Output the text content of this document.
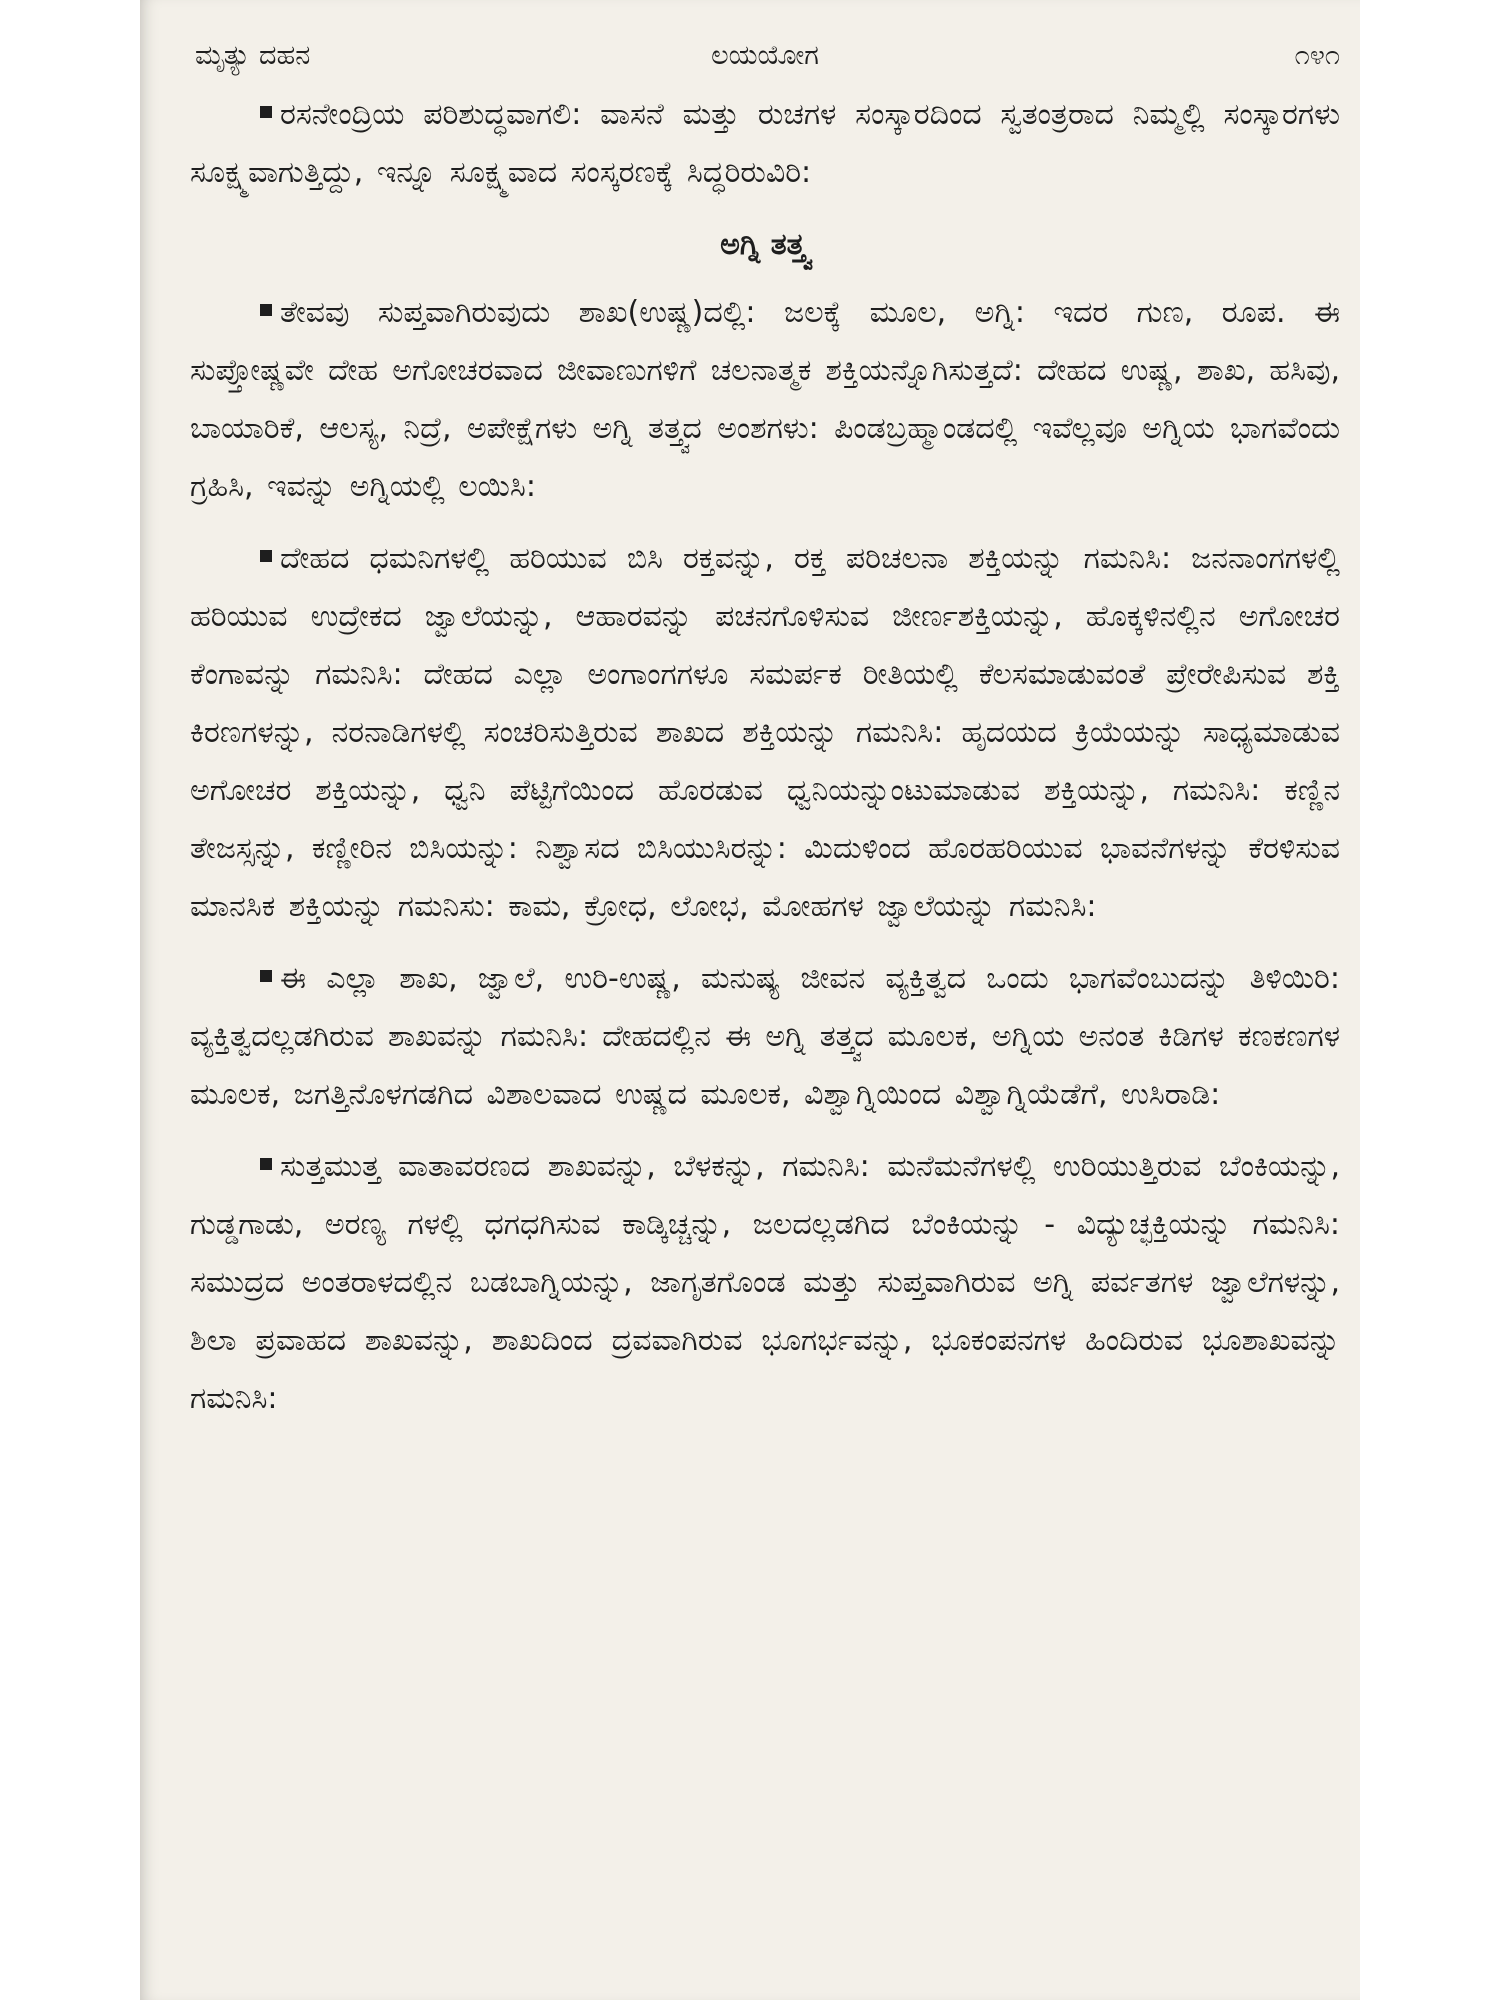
ಮೃತ್ಯು ದಹನ	ಲಯಯೋಗ	೧೪೧

ರಸನೇಂದ್ರಿಯ ಪರಿಶುದ್ಧವಾಗಲಿ: ವಾಸನೆ ಮತ್ತು ರುಚಗಳ ಸಂಸ್ಕಾರದಿಂದ ಸ್ವತಂತ್ರರಾದ ನಿಮ್ಮಲ್ಲಿ ಸಂಸ್ಕಾರಗಳು ಸೂಕ್ಷ್ಮವಾಗುತ್ತಿದ್ದು, ಇನ್ನೂ ಸೂಕ್ಷ್ಮವಾದ ಸಂಸ್ಕರಣಕ್ಕೆ ಸಿದ್ಧರಿರುವಿರಿ:

ಅಗ್ನಿ ತತ್ತ್ವ

ತೇವವು ಸುಪ್ತವಾಗಿರುವುದು ಶಾಖ(ಉಷ್ಣ)ದಲ್ಲಿ: ಜಲಕ್ಕೆ ಮೂಲ, ಅಗ್ನಿ: ಇದರ ಗುಣ, ರೂಪ. ಈ ಸುಪ್ತೋಷ್ಣವೇ ದೇಹ ಅಗೋಚರವಾದ ಜೀವಾಣುಗಳಿಗೆ ಚಲನಾತ್ಮಕ ಶಕ್ತಿಯನ್ನೊಗಿಸುತ್ತದೆ: ದೇಹದ ಉಷ್ಣ, ಶಾಖ, ಹಸಿವು, ಬಾಯಾರಿಕೆ, ಆಲಸ್ಯ, ನಿದ್ರೆ, ಅಪೇಕ್ಷೆಗಳು ಅಗ್ನಿ ತತ್ತ್ವದ ಅಂಶಗಳು: ಪಿಂಡಬ್ರಹ್ಮಾಂಡದಲ್ಲಿ ಇವೆಲ್ಲವೂ ಅಗ್ನಿಯ ಭಾಗವೆಂದು ಗ್ರಹಿಸಿ, ಇವನ್ನು ಅಗ್ನಿಯಲ್ಲಿ ಲಯಿಸಿ:

ದೇಹದ ಧಮನಿಗಳಲ್ಲಿ ಹರಿಯುವ ಬಿಸಿ ರಕ್ತವನ್ನು, ರಕ್ತ ಪರಿಚಲನಾ ಶಕ್ತಿಯನ್ನು ಗಮನಿಸಿ: ಜನನಾಂಗಗಳಲ್ಲಿ ಹರಿಯುವ ಉದ್ರೇಕದ ಜ್ವಾಲೆಯನ್ನು, ಆಹಾರವನ್ನು ಪಚನಗೊಳಿಸುವ ಜೀರ್ಣಶಕ್ತಿಯನ್ನು, ಹೊಕ್ಕಳಿನಲ್ಲಿನ ಅಗೋಚರ ಕೆಂಗಾವನ್ನು ಗಮನಿಸಿ: ದೇಹದ ಎಲ್ಲಾ ಅಂಗಾಂಗಗಳೂ ಸಮರ್ಪಕ ರೀತಿಯಲ್ಲಿ ಕೆಲಸಮಾಡುವಂತೆ ಪ್ರೇರೇಪಿಸುವ ಶಕ್ತಿ ಕಿರಣಗಳನ್ನು, ನರನಾಡಿಗಳಲ್ಲಿ ಸಂಚರಿಸುತ್ತಿರುವ ಶಾಖದ ಶಕ್ತಿಯನ್ನು ಗಮನಿಸಿ: ಹೃದಯದ ಕ್ರಿಯೆಯನ್ನು ಸಾಧ್ಯಮಾಡುವ ಅಗೋಚರ ಶಕ್ತಿಯನ್ನು, ಧ್ವನಿ ಪೆಟ್ಟಿಗೆಯಿಂದ ಹೊರಡುವ ಧ್ವನಿಯನ್ನುಂಟುಮಾಡುವ ಶಕ್ತಿಯನ್ನು, ಗಮನಿಸಿ: ಕಣ್ಣಿನ ತೇಜಸ್ಸನ್ನು, ಕಣ್ಣೀರಿನ ಬಿಸಿಯನ್ನು: ನಿಶ್ವಾಸದ ಬಿಸಿಯುಸಿರನ್ನು: ಮಿದುಳಿಂದ ಹೊರಹರಿಯುವ ಭಾವನೆಗಳನ್ನು ಕೆರಳಿಸುವ ಮಾನಸಿಕ ಶಕ್ತಿಯನ್ನು ಗಮನಿಸು: ಕಾಮ, ಕ್ರೋಧ, ಲೋಭ, ಮೋಹಗಳ ಜ್ವಾಲೆಯನ್ನು ಗಮನಿಸಿ:

ಈ ಎಲ್ಲಾ ಶಾಖ, ಜ್ವಾಲೆ, ಉರಿ-ಉಷ್ಣ, ಮನುಷ್ಯ ಜೀವನ ವ್ಯಕ್ತಿತ್ವದ ಒಂದು ಭಾಗವೆಂಬುದನ್ನು ತಿಳಿಯಿರಿ: ವ್ಯಕ್ತಿತ್ವದಲ್ಲಡಗಿರುವ ಶಾಖವನ್ನು ಗಮನಿಸಿ: ದೇಹದಲ್ಲಿನ ಈ ಅಗ್ನಿ ತತ್ತ್ವದ ಮೂಲಕ, ಅಗ್ನಿಯ ಅನಂತ ಕಿಡಿಗಳ ಕಣಕಣಗಳ ಮೂಲಕ, ಜಗತ್ತಿನೊಳಗಡಗಿದ ವಿಶಾಲವಾದ ಉಷ್ಣದ ಮೂಲಕ, ವಿಶ್ವಾಗ್ನಿಯಿಂದ ವಿಶ್ವಾಗ್ನಿಯೆಡೆಗೆ, ಉಸಿರಾಡಿ:

ಸುತ್ತಮುತ್ತ ವಾತಾವರಣದ ಶಾಖವನ್ನು, ಬೆಳಕನ್ನು, ಗಮನಿಸಿ: ಮನೆಮನೆಗಳಲ್ಲಿ ಉರಿಯುತ್ತಿರುವ ಬೆಂಕಿಯನ್ನು, ಗುಡ್ಡಗಾಡು, ಅರಣ್ಯ ಗಳಲ್ಲಿ ಧಗಧಗಿಸುವ ಕಾಡ್ಕಿಚ್ಚನ್ನು, ಜಲದಲ್ಲಡಗಿದ ಬೆಂಕಿಯನ್ನು - ವಿದ್ಯುಚ್ಛಕ್ತಿಯನ್ನು ಗಮನಿಸಿ: ಸಮುದ್ರದ ಅಂತರಾಳದಲ್ಲಿನ ಬಡಬಾಗ್ನಿಯನ್ನು, ಜಾಗೃತಗೊಂಡ ಮತ್ತು ಸುಪ್ತವಾಗಿರುವ ಅಗ್ನಿ ಪರ್ವತಗಳ ಜ್ವಾಲೆಗಳನ್ನು, ಶಿಲಾ ಪ್ರವಾಹದ ಶಾಖವನ್ನು, ಶಾಖದಿಂದ ದ್ರವವಾಗಿರುವ ಭೂಗರ್ಭವನ್ನು, ಭೂಕಂಪನಗಳ ಹಿಂದಿರುವ ಭೂಶಾಖವನ್ನು ಗಮನಿಸಿ:
